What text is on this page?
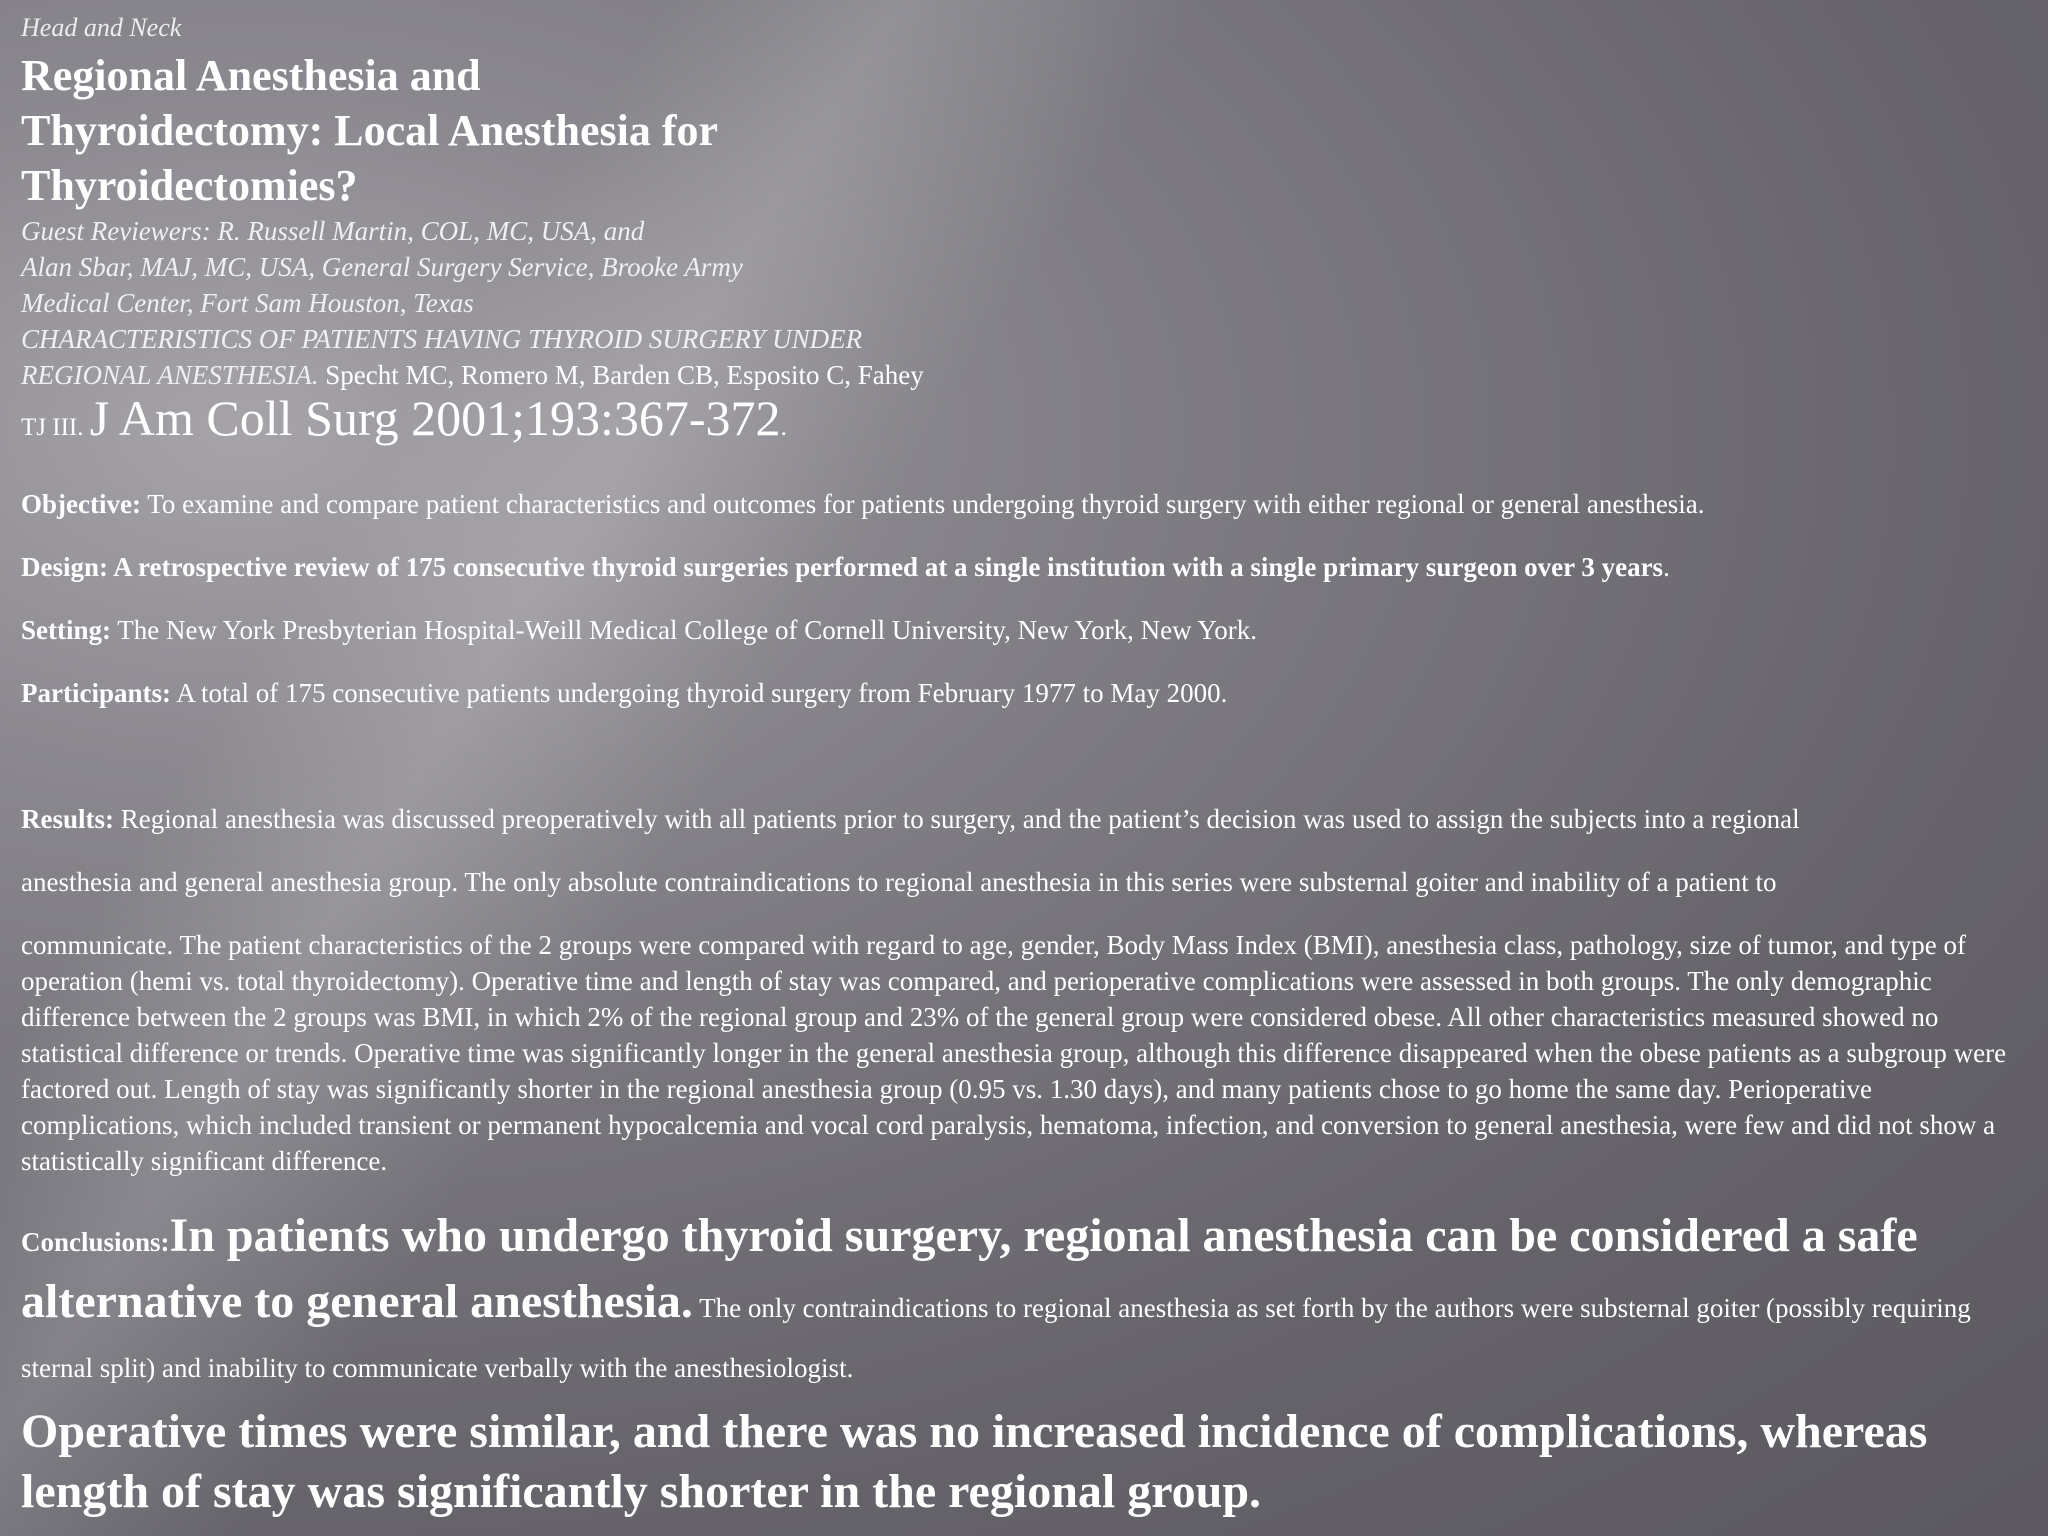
Head and Neck

Regional Anesthesia and

Thyroidectomy: Local Anesthesia for

Thyroidectomies?

Guest Reviewers: R. Russell Martin, COL, MC, USA, and

Alan Sbar, MAJ, MC, USA, General Surgery Service, Brooke Army

Medical Center, Fort Sam Houston, Texas

CHARACTERISTICS OF PATIENTS HAVING THYROID SURGERY UNDER

REGIONAL ANESTHESIA. Specht MC, Romero M, Barden CB, Esposito C, Fahey

TJ III. J Am Coll Surg 2001;193:367-372.

Objective: To examine and compare patient characteristics and outcomes for patients undergoing thyroid surgery with either regional or general anesthesia.

Design: A retrospective review of 175 consecutive thyroid surgeries performed at a single institution with a single primary surgeon over 3 years.

Setting: The New York Presbyterian Hospital-Weill Medical College of Cornell University, New York, New York.

Participants: A total of 175 consecutive patients undergoing thyroid surgery from February 1977 to May 2000.

Results: Regional anesthesia was discussed preoperatively with all patients prior to surgery, and the patient’s decision was used to assign the subjects into a regional

anesthesia and general anesthesia group. The only absolute contraindications to regional anesthesia in this series were substernal goiter and inability of a patient to

communicate. The patient characteristics of the 2 groups were compared with regard to age, gender, Body Mass Index (BMI), anesthesia class, pathology, size of tumor, and type of operation (hemi vs. total thyroidectomy). Operative time and length of stay was compared, and perioperative complications were assessed in both groups. The only demographic difference between the 2 groups was BMI, in which 2% of the regional group and 23% of the general group were considered obese. All other characteristics measured showed no statistical difference or trends. Operative time was significantly longer in the general anesthesia group, although this difference disappeared when the obese patients as a subgroup were factored out. Length of stay was significantly shorter in the regional anesthesia group (0.95 vs. 1.30 days), and many patients chose to go home the same day. Perioperative complications, which included transient or permanent hypocalcemia and vocal cord paralysis, hematoma, infection, and conversion to general anesthesia, were few and did not show a statistically significant difference.

Conclusions:In patients who undergo thyroid surgery, regional anesthesia can be considered a safe alternative to general anesthesia. The only contraindications to regional anesthesia as set forth by the authors were substernal goiter (possibly requiring sternal split) and inability to communicate verbally with the anesthesiologist.

Operative times were similar, and there was no increased incidence of complications, whereas length of stay was significantly shorter in the regional group.
